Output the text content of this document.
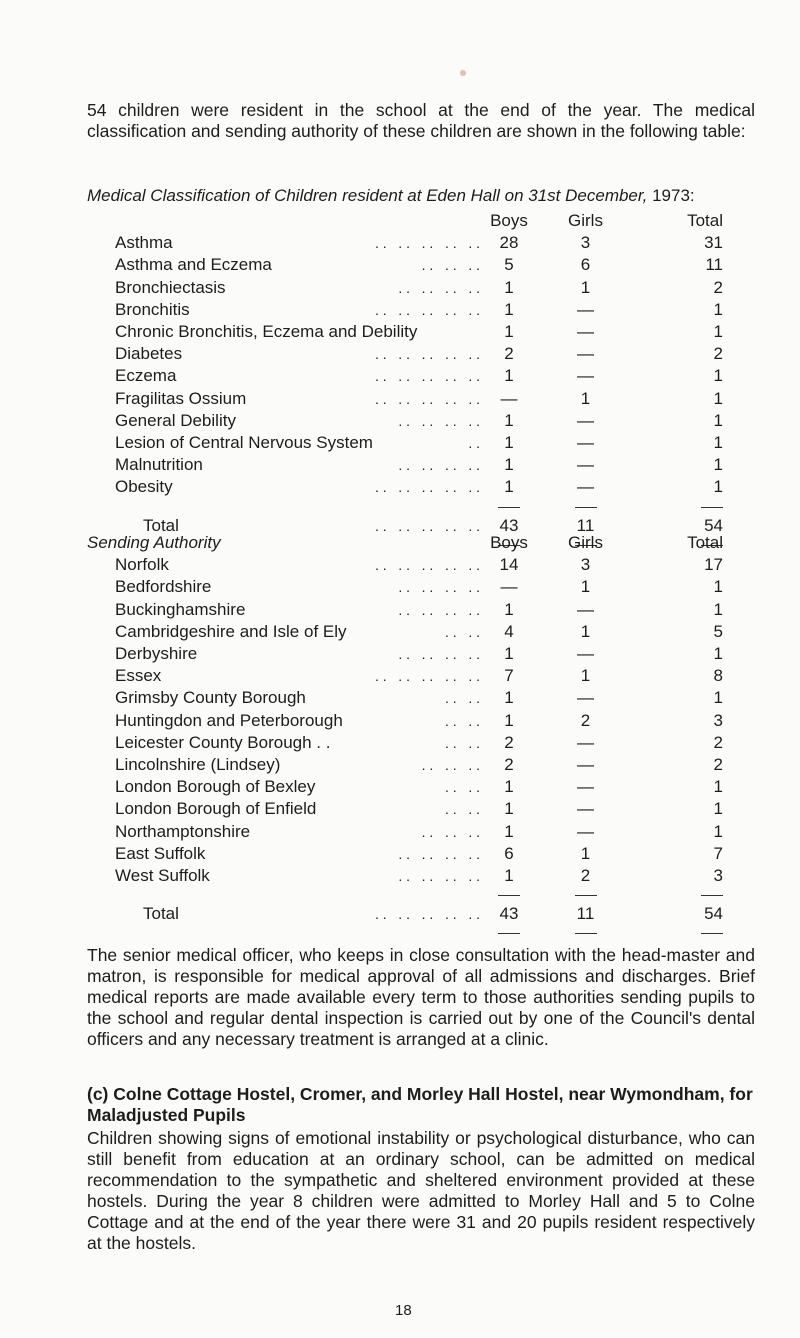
54 children were resident in the school at the end of the year. The medical classification and sending authority of these children are shown in the following table:

Medical Classification of Children resident at Eden Hall on 31st December, 1973:
	Boys	Girls	Total
Asthma . .   . .   . .   . .   . .	28	3	31
Asthma and Eczema . .   . .   . .	5	6	11
Bronchiectasis . .   . .   . .   . .	1	1	2
Bronchitis . .   . .   . .   . .   . .	1	—	1
Chronic Bronchitis, Eczema and Debility	1	—	1
Diabetes . .   . .   . .   . .   . .	2	—	2
Eczema . .   . .   . .   . .   . .	1	—	1
Fragilitas Ossium . .   . .   . .   . .   . .	—	1	1
General Debility . .   . .   . .   . .	1	—	1
Lesion of Central Nervous System . .	1	—	1
Malnutrition . .   . .   . .   . .	1	—	1
Obesity . .   . .   . .   . .   . .	1	—	1

Total . .   . .   . .   . .   . .	43	11	54

Sending Authority	Boys	Girls	Total
Norfolk . .   . .   . .   . .   . .	14	3	17
Bedfordshire . .   . .   . .   . .	—	1	1
Buckinghamshire . .   . .   . .   . .	1	—	1
Cambridgeshire and Isle of Ely . .   . .	4	1	5
Derbyshire . .   . .   . .   . .	1	—	1
Essex . .   . .   . .   . .   . .	7	1	8
Grimsby County Borough . .   . .	1	—	1
Huntingdon and Peterborough . .   . .	1	2	3
Leicester County Borough . . . .   . .	2	—	2
Lincolnshire (Lindsey) . .   . .   . .	2	—	2
London Borough of Bexley . .   . .	1	—	1
London Borough of Enfield . .   . .	1	—	1
Northamptonshire . .   . .   . .	1	—	1
East Suffolk . .   . .   . .   . .	6	1	7
West Suffolk . .   . .   . .   . .	1	2	3

Total . .   . .   . .   . .   . .	43	11	54

The senior medical officer, who keeps in close consultation with the head-master and matron, is responsible for medical approval of all admissions and discharges. Brief medical reports are made available every term to those authorities sending pupils to the school and regular dental inspection is carried out by one of the Council's dental officers and any necessary treatment is arranged at a clinic.

(c) Colne Cottage Hostel, Cromer, and Morley Hall Hostel, near Wymondham, for Maladjusted Pupils

Children showing signs of emotional instability or psychological disturbance, who can still benefit from education at an ordinary school, can be admitted on medical recommendation to the sympathetic and sheltered environment provided at these hostels. During the year 8 children were admitted to Morley Hall and 5 to Colne Cottage and at the end of the year there were 31 and 20 pupils resident respectively at the hostels.

18
